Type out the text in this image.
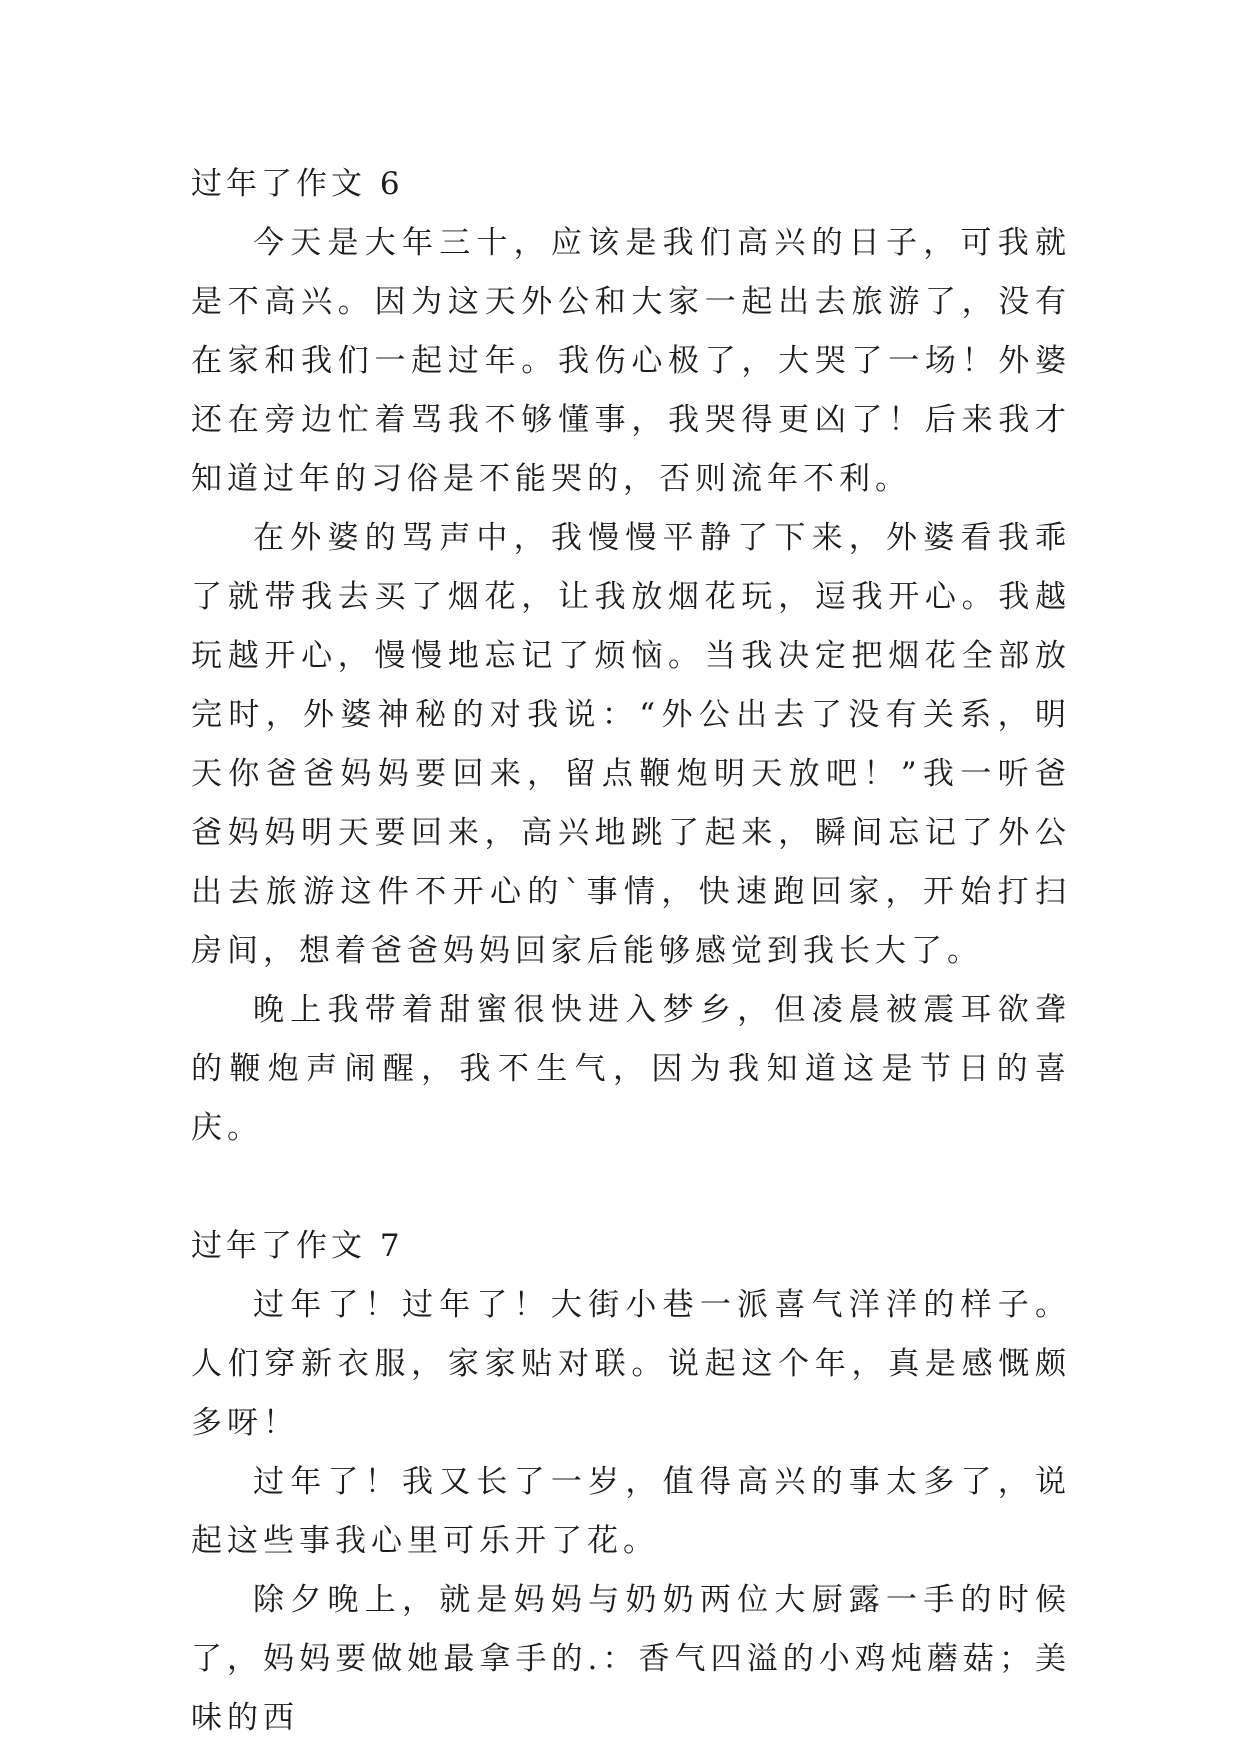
过年了作文 6

今天是大年三十，应该是我们高兴的日子，可我就是不高兴。因为这天外公和大家一起出去旅游了，没有在家和我们一起过年。我伤心极了，大哭了一场！外婆还在旁边忙着骂我不够懂事，我哭得更凶了！后来我才知道过年的习俗是不能哭的，否则流年不利。

在外婆的骂声中，我慢慢平静了下来，外婆看我乖了就带我去买了烟花，让我放烟花玩，逗我开心。我越玩越开心，慢慢地忘记了烦恼。当我决定把烟花全部放完时，外婆神秘的对我说：“外公出去了没有关系，明天你爸爸妈妈要回来，留点鞭炮明天放吧！”我一听爸爸妈妈明天要回来，高兴地跳了起来，瞬间忘记了外公出去旅游这件不开心的`事情，快速跑回家，开始打扫房间，想着爸爸妈妈回家后能够感觉到我长大了。

晚上我带着甜蜜很快进入梦乡，但凌晨被震耳欲聋的鞭炮声闹醒，我不生气，因为我知道这是节日的喜庆。

过年了作文 7

过年了！过年了！大街小巷一派喜气洋洋的样子。人们穿新衣服，家家贴对联。说起这个年，真是感慨颇多呀！

过年了！我又长了一岁，值得高兴的事太多了，说起这些事我心里可乐开了花。

除夕晚上，就是妈妈与奶奶两位大厨露一手的时候了，妈妈要做她最拿手的.：香气四溢的小鸡炖蘑菇；美味的西
